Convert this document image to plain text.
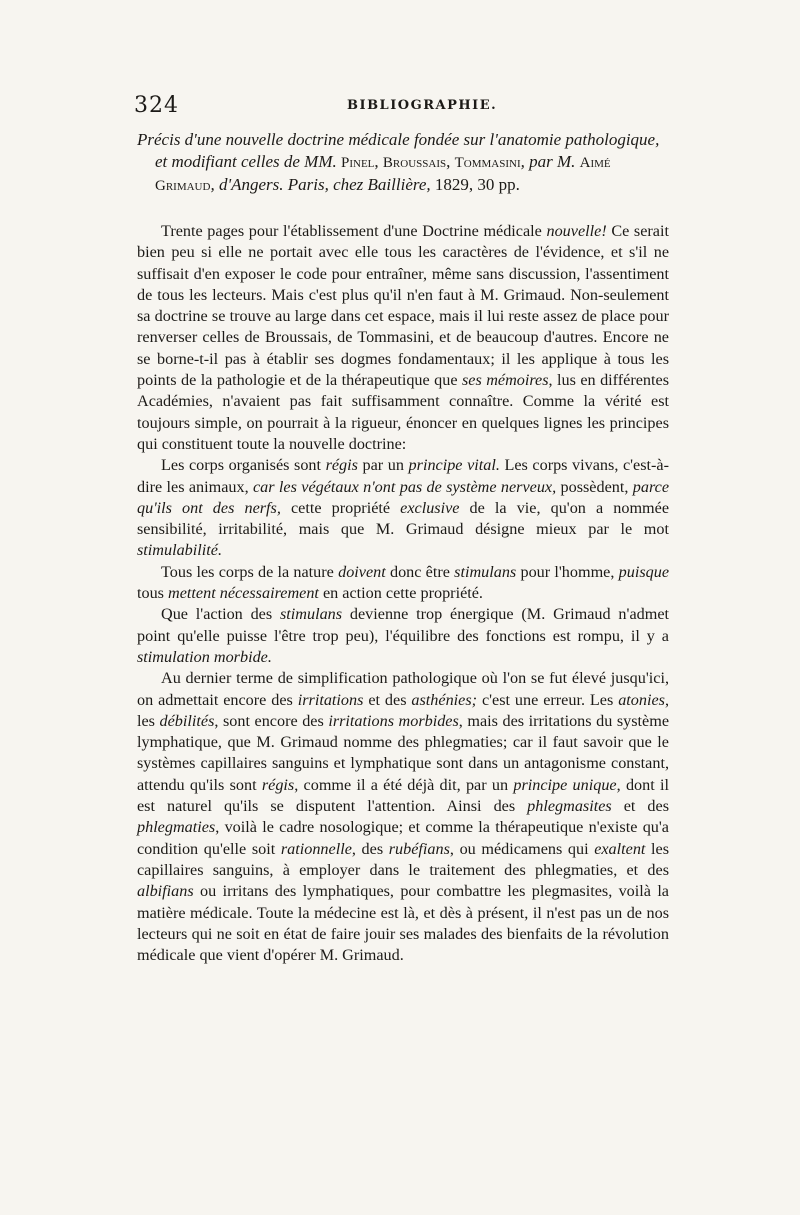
324	BIBLIOGRAPHIE.

Précis d'une nouvelle doctrine médicale fondée sur l'anatomie pathologique, et modifiant celles de MM. Pinel, Broussais, Tommasini, par M. Aimé Grimaud, d'Angers. Paris, chez Baillière, 1829, 30 pp.

Trente pages pour l'établissement d'une Doctrine médicale nouvelle! Ce serait bien peu si elle ne portait avec elle tous les caractères de l'évidence, et s'il ne suffisait d'en exposer le code pour entraîner, même sans discussion, l'assentiment de tous les lecteurs. Mais c'est plus qu'il n'en faut à M. Grimaud. Non-seulement sa doctrine se trouve au large dans cet espace, mais il lui reste assez de place pour renverser celles de Broussais, de Tommasini, et de beaucoup d'autres. Encore ne se borne-t-il pas à établir ses dogmes fondamentaux; il les applique à tous les points de la pathologie et de la thérapeutique que ses mémoires, lus en différentes Académies, n'avaient pas fait suffisamment connaître. Comme la vérité est toujours simple, on pourrait à la rigueur, énoncer en quelques lignes les principes qui constituent toute la nouvelle doctrine:

Les corps organisés sont régis par un principe vital. Les corps vivans, c'est-à-dire les animaux, car les végétaux n'ont pas de système nerveux, possèdent, parce qu'ils ont des nerfs, cette propriété exclusive de la vie, qu'on a nommée sensibilité, irritabilité, mais que M. Grimaud désigne mieux par le mot stimulabilité.

Tous les corps de la nature doivent donc être stimulans pour l'homme, puisque tous mettent nécessairement en action cette propriété.

Que l'action des stimulans devienne trop énergique (M. Grimaud n'admet point qu'elle puisse l'être trop peu), l'équilibre des fonctions est rompu, il y a stimulation morbide.

Au dernier terme de simplification pathologique où l'on se fut élevé jusqu'ici, on admettait encore des irritations et des asthénies; c'est une erreur. Les atonies, les débilités, sont encore des irritations morbides, mais des irritations du système lymphatique, que M. Grimaud nomme des phlegmaties; car il faut savoir que le systèmes capillaires sanguins et lymphatique sont dans un antagonisme constant, attendu qu'ils sont régis, comme il a été déjà dit, par un principe unique, dont il est naturel qu'ils se disputent l'attention. Ainsi des phlegmasites et des phlegmaties, voilà le cadre nosologique; et comme la thérapeutique n'existe qu'a condition qu'elle soit rationnelle, des rubéfians, ou médicamens qui exaltent les capillaires sanguins, à employer dans le traitement des phlegmaties, et des albifians ou irritans des lymphatiques, pour combattre les plegmasites, voilà la matière médicale. Toute la médecine est là, et dès à présent, il n'est pas un de nos lecteurs qui ne soit en état de faire jouir ses malades des bienfaits de la révolution médicale que vient d'opérer M. Grimaud.
